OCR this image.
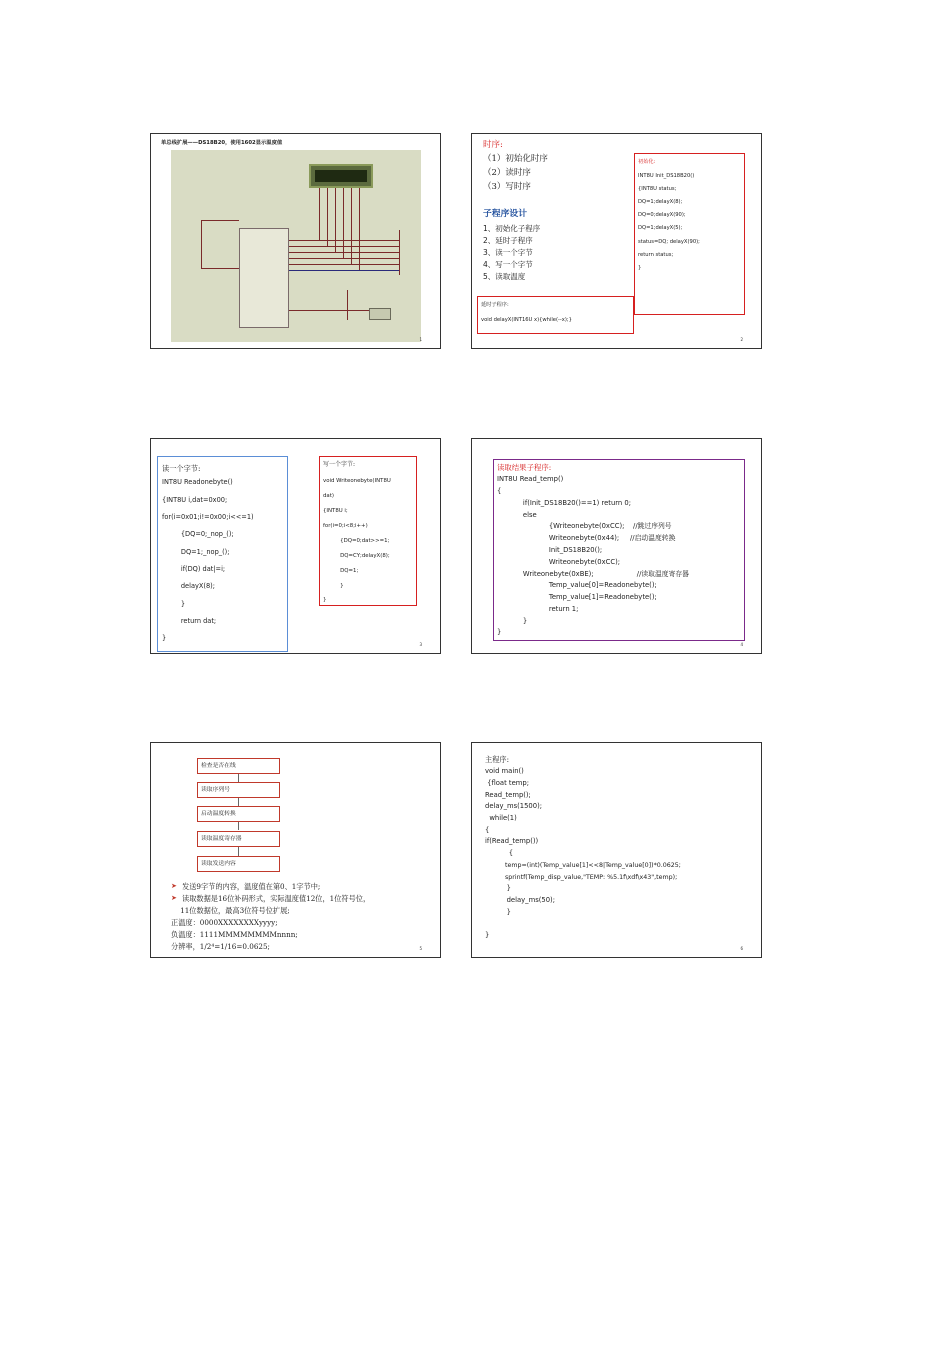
单总线扩展——DS18B20，使用1602显示温度值
1
时序:
（1）初始化时序
（2）读时序
（3）写时序
子程序设计
1、初始化子程序
2、延时子程序
3、读一个字节
4、写一个字节
5、读取温度
初始化:
INT8U Init_DS18B20()
{INT8U status;
DQ=1;delayX(8);
DQ=0;delayX(90);
DQ=1;delayX(5);
status=DQ; delayX(90);
return status;
}
延时子程序:
void delayX(INT16U x){while(--x);}
2
读一个字节:
INT8U Readonebyte()
{INT8U i,dat=0x00;
for(i=0x01;i!=0x00;i<<=1)
{DQ=0;_nop_();
DQ=1;_nop_();
if(DQ) dat|=i;
delayX(8);
}
return dat;
}
写一个字节:
void Writeonebyte(INT8U
dat)
{INT8U i;
for(i=0;i<8;i++)
{DQ=0;dat>>=1;
DQ=CY;delayX(8);
DQ=1;
}
}
3
读取结果子程序:
INT8U Read_temp()
{
if(Init_DS18B20()==1) return 0;
else
{Writeonebyte(0xCC);    //跳过序列号
Writeonebyte(0x44);     //启动温度转换
Init_DS18B20();
Writeonebyte(0xCC);
Writeonebyte(0xBE);                    //读取温度寄存器
Temp_value[0]=Readonebyte();
Temp_value[1]=Readonebyte();
return 1;
}
}
4
检查是否在线
读取序列号
启动温度转换
读取温度寄存器
读取发送内容
➤ 发送9字节的内容，温度值在第0、1字节中;
➤ 读取数据是16位补码形式，实际温度值12位，1位符号位，
11位数据位，最高3位符号位扩展;
正温度：0000XXXXXXXXyyyy;
负温度：1111MMMMMMMMnnnn;
分辨率，1/2⁴=1/16=0.0625;	5
主程序:
void main()
{float temp;
Read_temp();
delay_ms(1500);
while(1)
{
if(Read_temp())
{
temp=(int)(Temp_value[1]<<8|Temp_value[0])*0.0625;
sprintf(Temp_disp_value,"TEMP: %5.1f\xdf\x43",temp);
}
delay_ms(50);
}
}
6
